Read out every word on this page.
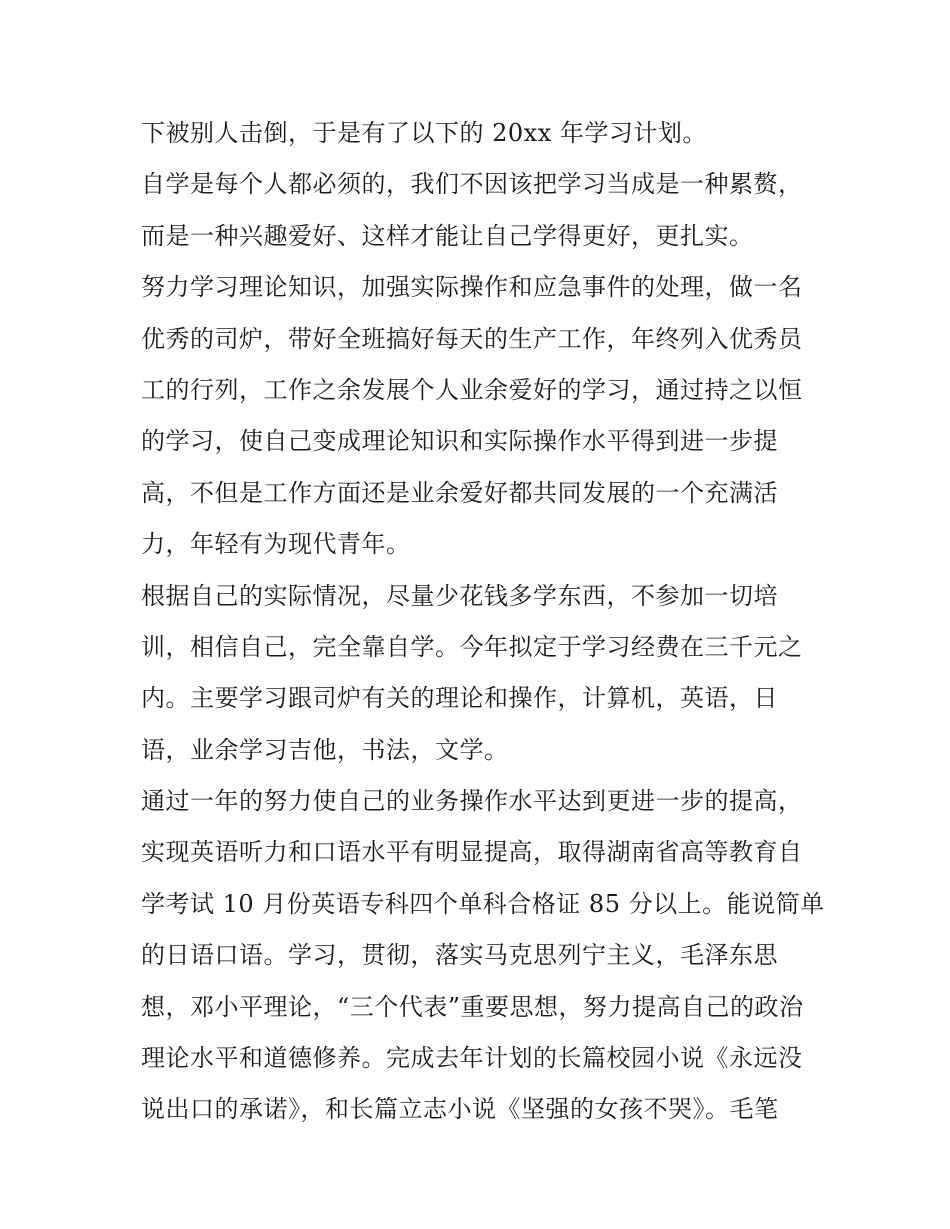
下被别人击倒，于是有了以下的 20xx 年学习计划。
自学是每个人都必须的，我们不因该把学习当成是一种累赘，
而是一种兴趣爱好、这样才能让自己学得更好，更扎实。
努力学习理论知识，加强实际操作和应急事件的处理，做一名
优秀的司炉，带好全班搞好每天的生产工作，年终列入优秀员
工的行列，工作之余发展个人业余爱好的学习，通过持之以恒
的学习，使自己变成理论知识和实际操作水平得到进一步提
高，不但是工作方面还是业余爱好都共同发展的一个充满活
力，年轻有为现代青年。
根据自己的实际情况，尽量少花钱多学东西，不参加一切培
训，相信自己，完全靠自学。今年拟定于学习经费在三千元之
内。主要学习跟司炉有关的理论和操作，计算机，英语，日
语，业余学习吉他，书法，文学。
通过一年的努力使自己的业务操作水平达到更进一步的提高，
实现英语听力和口语水平有明显提高，取得湖南省高等教育自
学考试 10 月份英语专科四个单科合格证 85 分以上。能说简单
的日语口语。学习，贯彻，落实马克思列宁主义，毛泽东思
想，邓小平理论，“三个代表”重要思想，努力提高自己的政治
理论水平和道德修养。完成去年计划的长篇校园小说《永远没
说出口的承诺》，和长篇立志小说《坚强的女孩不哭》。毛笔
